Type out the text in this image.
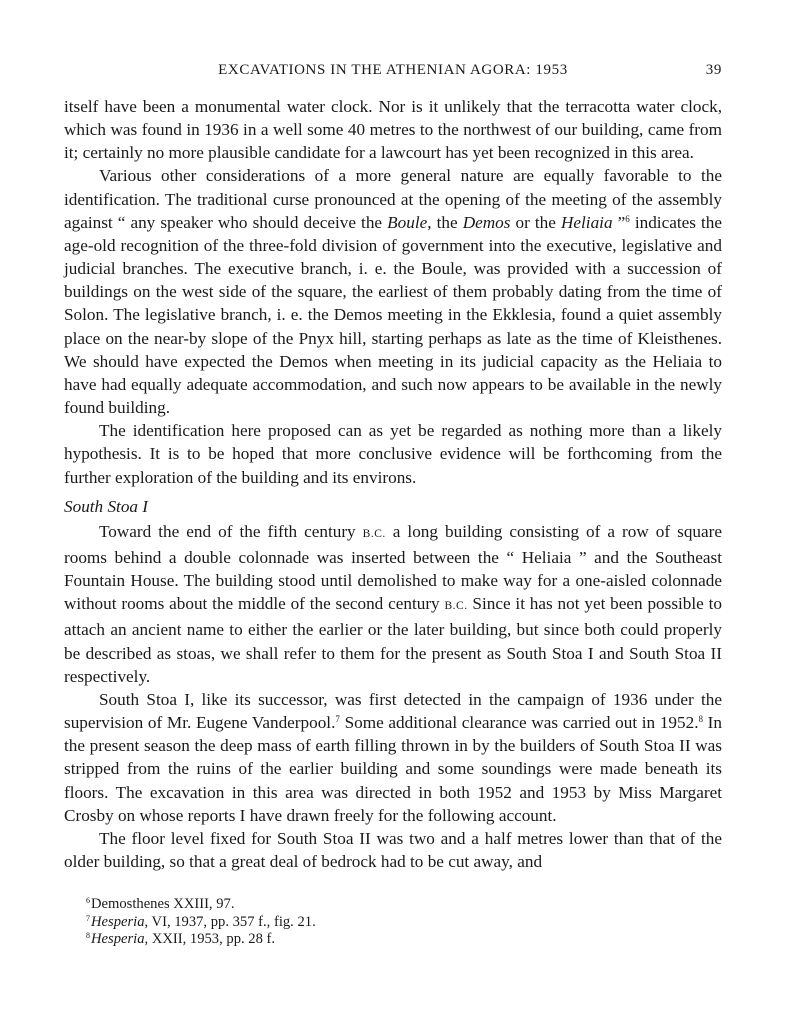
EXCAVATIONS IN THE ATHENIAN AGORA: 1953	39

itself have been a monumental water clock. Nor is it unlikely that the terracotta water clock, which was found in 1936 in a well some 40 metres to the northwest of our building, came from it; certainly no more plausible candidate for a lawcourt has yet been recognized in this area.

Various other considerations of a more general nature are equally favorable to the identification. The traditional curse pronounced at the opening of the meeting of the assembly against “ any speaker who should deceive the Boule, the Demos or the Heliaia ”$^6$ indicates the age-old recognition of the three-fold division of government into the executive, legislative and judicial branches. The executive branch, i. e. the Boule, was provided with a succession of buildings on the west side of the square, the earliest of them probably dating from the time of Solon. The legislative branch, i. e. the Demos meeting in the Ekklesia, found a quiet assembly place on the near-by slope of the Pnyx hill, starting perhaps as late as the time of Kleisthenes. We should have expected the Demos when meeting in its judicial capacity as the Heliaia to have had equally adequate accommodation, and such now appears to be available in the newly found building.

The identification here proposed can as yet be regarded as nothing more than a likely hypothesis. It is to be hoped that more conclusive evidence will be forthcoming from the further exploration of the building and its environs.

South Stoa I

Toward the end of the fifth century B.C. a long building consisting of a row of square rooms behind a double colonnade was inserted between the “ Heliaia ” and the Southeast Fountain House. The building stood until demolished to make way for a one-aisled colonnade without rooms about the middle of the second century B.C. Since it has not yet been possible to attach an ancient name to either the earlier or the later building, but since both could properly be described as stoas, we shall refer to them for the present as South Stoa I and South Stoa II respectively.

South Stoa I, like its successor, was first detected in the campaign of 1936 under the supervision of Mr. Eugene Vanderpool.$^7$ Some additional clearance was carried out in 1952.$^8$ In the present season the deep mass of earth filling thrown in by the builders of South Stoa II was stripped from the ruins of the earlier building and some soundings were made beneath its floors. The excavation in this area was directed in both 1952 and 1953 by Miss Margaret Crosby on whose reports I have drawn freely for the following account.

The floor level fixed for South Stoa II was two and a half metres lower than that of the older building, so that a great deal of bedrock had to be cut away, and

$^6$Demosthenes XXIII, 97.
$^7$Hesperia, VI, 1937, pp. 357 f., fig. 21.
$^8$Hesperia, XXII, 1953, pp. 28 f.
